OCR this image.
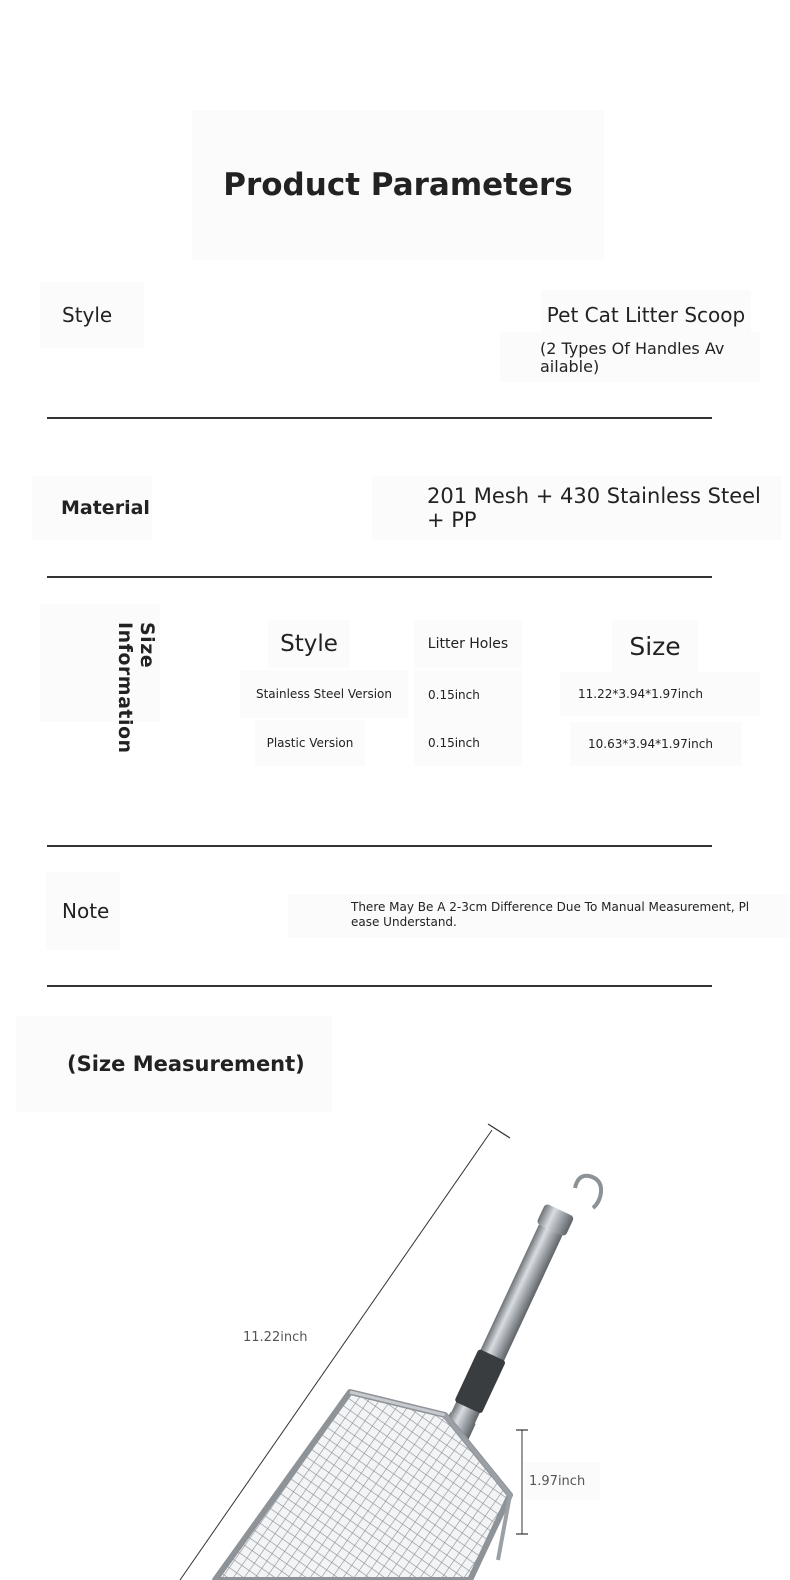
Product Parameters
Style	Pet Cat Litter Scoop
(2 Types Of Handles Av
ailable)
Material	201 Mesh + 430 Stainless Steel + PP
Size Information	Style	Litter Holes	Size
Stainless Steel Version	0.15inch	11.22*3.94*1.97inch
Plastic Version	0.15inch	10.63*3.94*1.97inch
Note	There May Be A 2-3cm Difference Due To Manual Measurement, Pl
ease Understand.
(Size Measurement)
11.22inch
1.97inch
